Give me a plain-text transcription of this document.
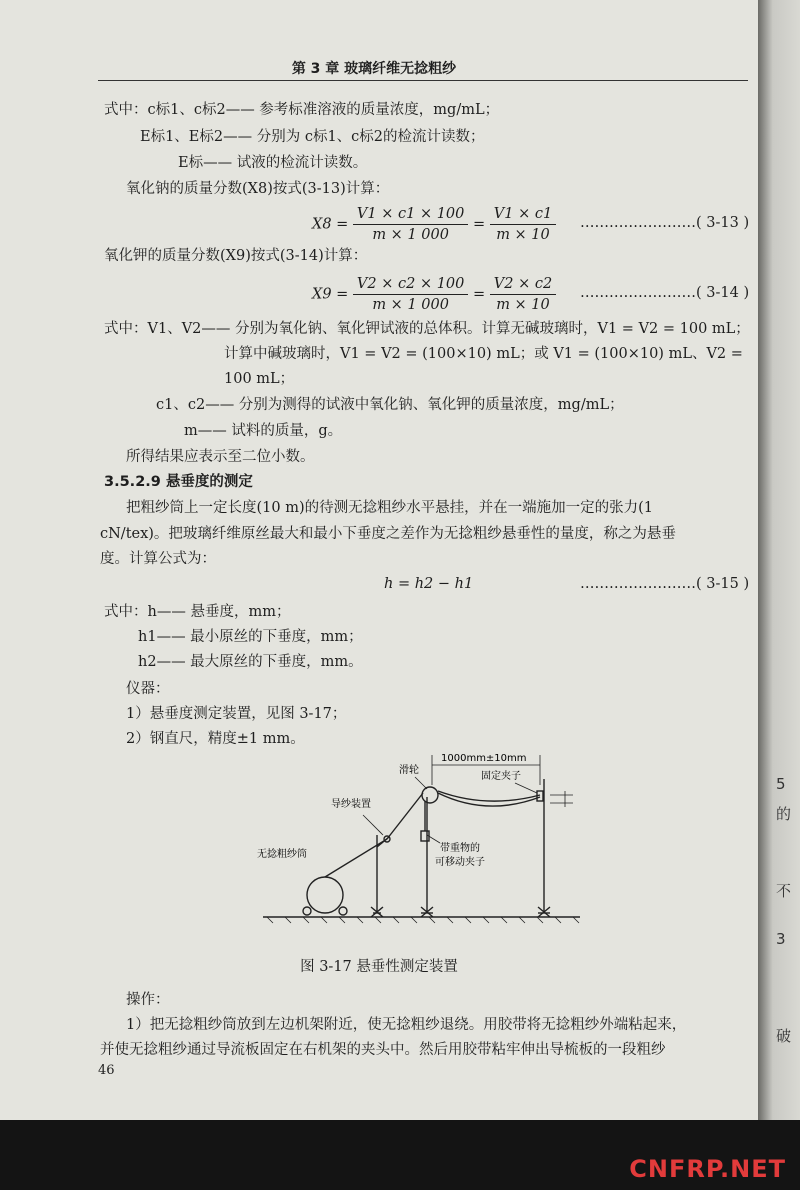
5
的
不
3
破
第 3 章 玻璃纤维无捻粗纱
式中：c标1、c标2—— 参考标准溶液的质量浓度，mg/mL；
E标1、E标2—— 分别为 c标1、c标2的检流计读数；
E标—— 试液的检流计读数。
氧化钠的质量分数(X8)按式(3-13)计算：
$X8 = \frac{V1 \times c1 \times 100}{m \times 1 000} = \frac{V1 \times c1}{m \times 10}$ ……………………( 3-13 )
氧化钾的质量分数(X9)按式(3-14)计算：
$X9 = \frac{V2 \times c2 \times 100}{m \times 1 000} = \frac{V2 \times c2}{m \times 10}$ ……………………( 3-14 )
式中：V1、V2—— 分别为氧化钠、氧化钾试液的总体积。计算无碱玻璃时，V1 = V2 = 100 mL；
计算中碱玻璃时，V1 = V2 = (100×10) mL；或 V1 = (100×10) mL、V2 =
100 mL；
c1、c2—— 分别为测得的试液中氧化钠、氧化钾的质量浓度，mg/mL；
m—— 试料的质量，g。
所得结果应表示至二位小数。
3.5.2.9 悬垂度的测定
把粗纱筒上一定长度(10 m)的待测无捻粗纱水平悬挂，并在一端施加一定的张力(1
cN/tex)。把玻璃纤维原丝最大和最小下垂度之差作为无捻粗纱悬垂性的量度，称之为悬垂
度。计算公式为：
h = h2 − h1	……………………( 3-15 )
式中：h—— 悬垂度，mm；
h1—— 最小原丝的下垂度，mm；
h2—— 最大原丝的下垂度，mm。
仪器：
1）悬垂度测定装置，见图 3-17；
2）钢直尺，精度±1 mm。
滑轮
1000mm±10mm
固定夹子
导纱装置
带重物的
可移动夹子
无捻粗纱筒
图 3-17 悬垂性测定装置
操作：
1）把无捻粗纱筒放到左边机架附近，使无捻粗纱退绕。用胶带将无捻粗纱外端粘起来，
并使无捻粗纱通过导流板固定在右机架的夹头中。然后用胶带粘牢伸出导梳板的一段粗纱
46
CNFRP.NET
